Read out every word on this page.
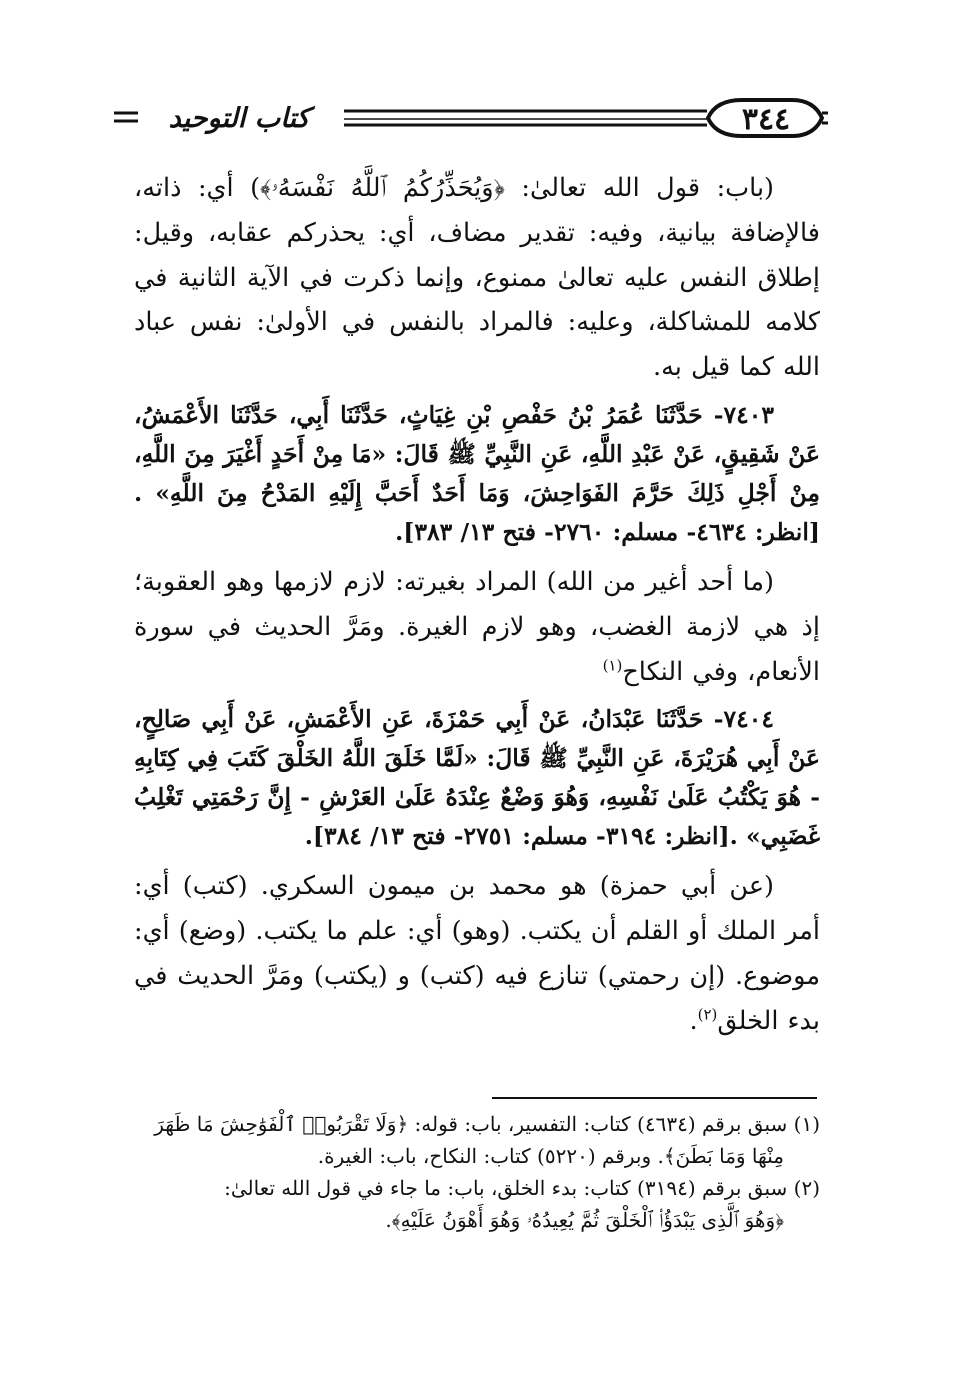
٣٤٤
كتاب التوحيد

(باب: قول الله تعالىٰ: ﴿وَيُحَذِّرُكُمُ ٱللَّهُ نَفْسَهُۥ﴾) أي: ذاته، فالإضافة بيانية، وفيه: تقدير مضاف، أي: يحذركم عقابه، وقيل: إطلاق النفس عليه تعالىٰ ممنوع، وإنما ذكرت في الآية الثانية في كلامه للمشاكلة، وعليه: فالمراد بالنفس في الأولىٰ: نفس عباد الله كما قيل به.

٧٤٠٣- حَدَّثَنَا عُمَرُ بْنُ حَفْصِ بْنِ غِيَاثٍ، حَدَّثَنَا أَبِي، حَدَّثَنَا الأَعْمَشُ، عَنْ شَقِيقٍ، عَنْ عَبْدِ اللَّهِ، عَنِ النَّبِيِّ ﷺ قَالَ: «مَا مِنْ أَحَدٍ أَغْيَرَ مِنَ اللَّهِ، مِنْ أَجْلِ ذَلِكَ حَرَّمَ الفَوَاحِشَ، وَمَا أَحَدٌ أَحَبَّ إِلَيْهِ المَدْحُ مِنَ اللَّهِ» .[انظر: ٤٦٣٤- مسلم: ٢٧٦٠- فتح ١٣/ ٣٨٣].

(ما أحد أغير من الله) المراد بغيرته: لازم لازمها وهو العقوبة؛ إذ هي لازمة الغضب، وهو لازم الغيرة. ومَرَّ الحديث في سورة الأنعام، وفي النكاح$^{(١)}$

٧٤٠٤- حَدَّثَنَا عَبْدَانُ، عَنْ أَبِي حَمْزَةَ، عَنِ الأَعْمَشِ، عَنْ أَبِي صَالِحٍ، عَنْ أَبِي هُرَيْرَةَ، عَنِ النَّبِيِّ ﷺ قَالَ: «لَمَّا خَلَقَ اللَّهُ الخَلْقَ كَتَبَ فِي كِتَابِهِ - هُوَ يَكْتُبُ عَلَىٰ نَفْسِهِ، وَهُوَ وَضْعٌ عِنْدَهُ عَلَىٰ العَرْشِ - إِنَّ رَحْمَتِي تَغْلِبُ غَضَبِي» .[انظر: ٣١٩٤- مسلم: ٢٧٥١- فتح ١٣/ ٣٨٤].

(عن أبي حمزة) هو محمد بن ميمون السكري. (كتب) أي: أمر الملك أو القلم أن يكتب. (وهو) أي: علم ما يكتب. (وضع) أي: موضوع. (إن رحمتي) تنازع فيه (كتب) و (يكتب) ومَرَّ الحديث في بدء الخلق$^{(٢)}$.

(١) سبق برقم (٤٦٣٤) كتاب: التفسير، باب: قوله: ﴿وَلَا تَقْرَبُوا۟ ٱلْفَوَٰحِشَ مَا ظَهَرَ
مِنْهَا وَمَا بَطَنَ﴾. وبرقم (٥٢٢٠) كتاب: النكاح، باب: الغيرة.

(٢) سبق برقم (٣١٩٤) كتاب: بدء الخلق، باب: ما جاء في قول الله تعالىٰ:
﴿وَهُوَ ٱلَّذِى يَبْدَؤُا۟ ٱلْخَلْقَ ثُمَّ يُعِيدُهُۥ وَهُوَ أَهْوَنُ عَلَيْهِ﴾.
